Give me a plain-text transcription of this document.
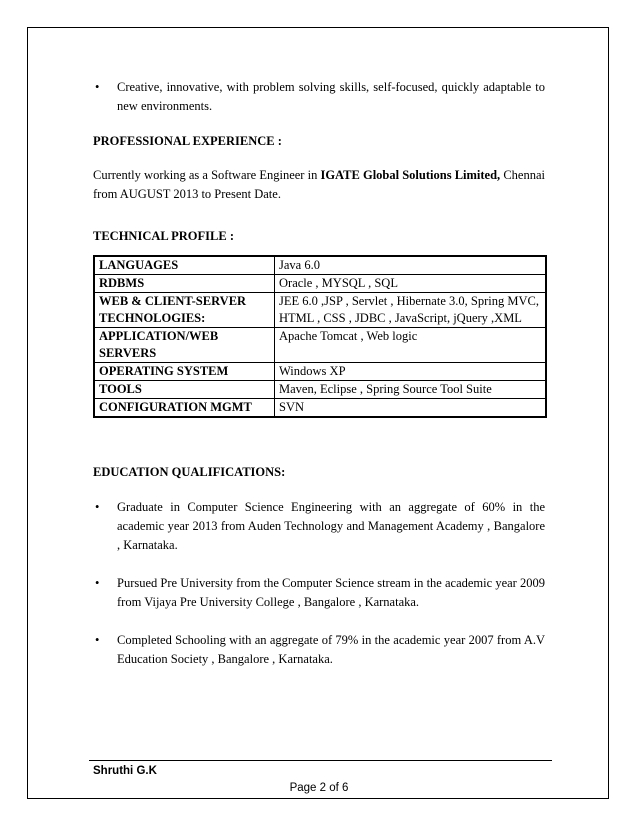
• Creative, innovative, with problem solving skills, self-focused, quickly adaptable to new environments.
PROFESSIONAL EXPERIENCE :

Currently working as a Software Engineer in IGATE Global Solutions Limited, Chennai from AUGUST 2013 to Present Date.

TECHNICAL PROFILE :
LANGUAGES	Java 6.0
RDBMS	Oracle , MYSQL , SQL
WEB & CLIENT-SERVER TECHNOLOGIES:	JEE 6.0 ,JSP , Servlet , Hibernate 3.0, Spring MVC, HTML , CSS , JDBC , JavaScript, jQuery ,XML
APPLICATION/WEB SERVERS	Apache Tomcat , Web logic
OPERATING SYSTEM	Windows XP
TOOLS	Maven, Eclipse , Spring Source Tool Suite
CONFIGURATION MGMT	SVN
EDUCATION QUALIFICATIONS:
• Graduate in Computer Science Engineering with an aggregate of 60% in the academic year 2013 from Auden Technology and Management Academy , Bangalore , Karnataka.
• Pursued Pre University from the Computer Science stream in the academic year 2009 from Vijaya Pre University College , Bangalore , Karnataka.
• Completed Schooling with an aggregate of 79% in the academic year 2007 from A.V Education Society , Bangalore , Karnataka.
Shruthi G.K
Page 2 of 6
